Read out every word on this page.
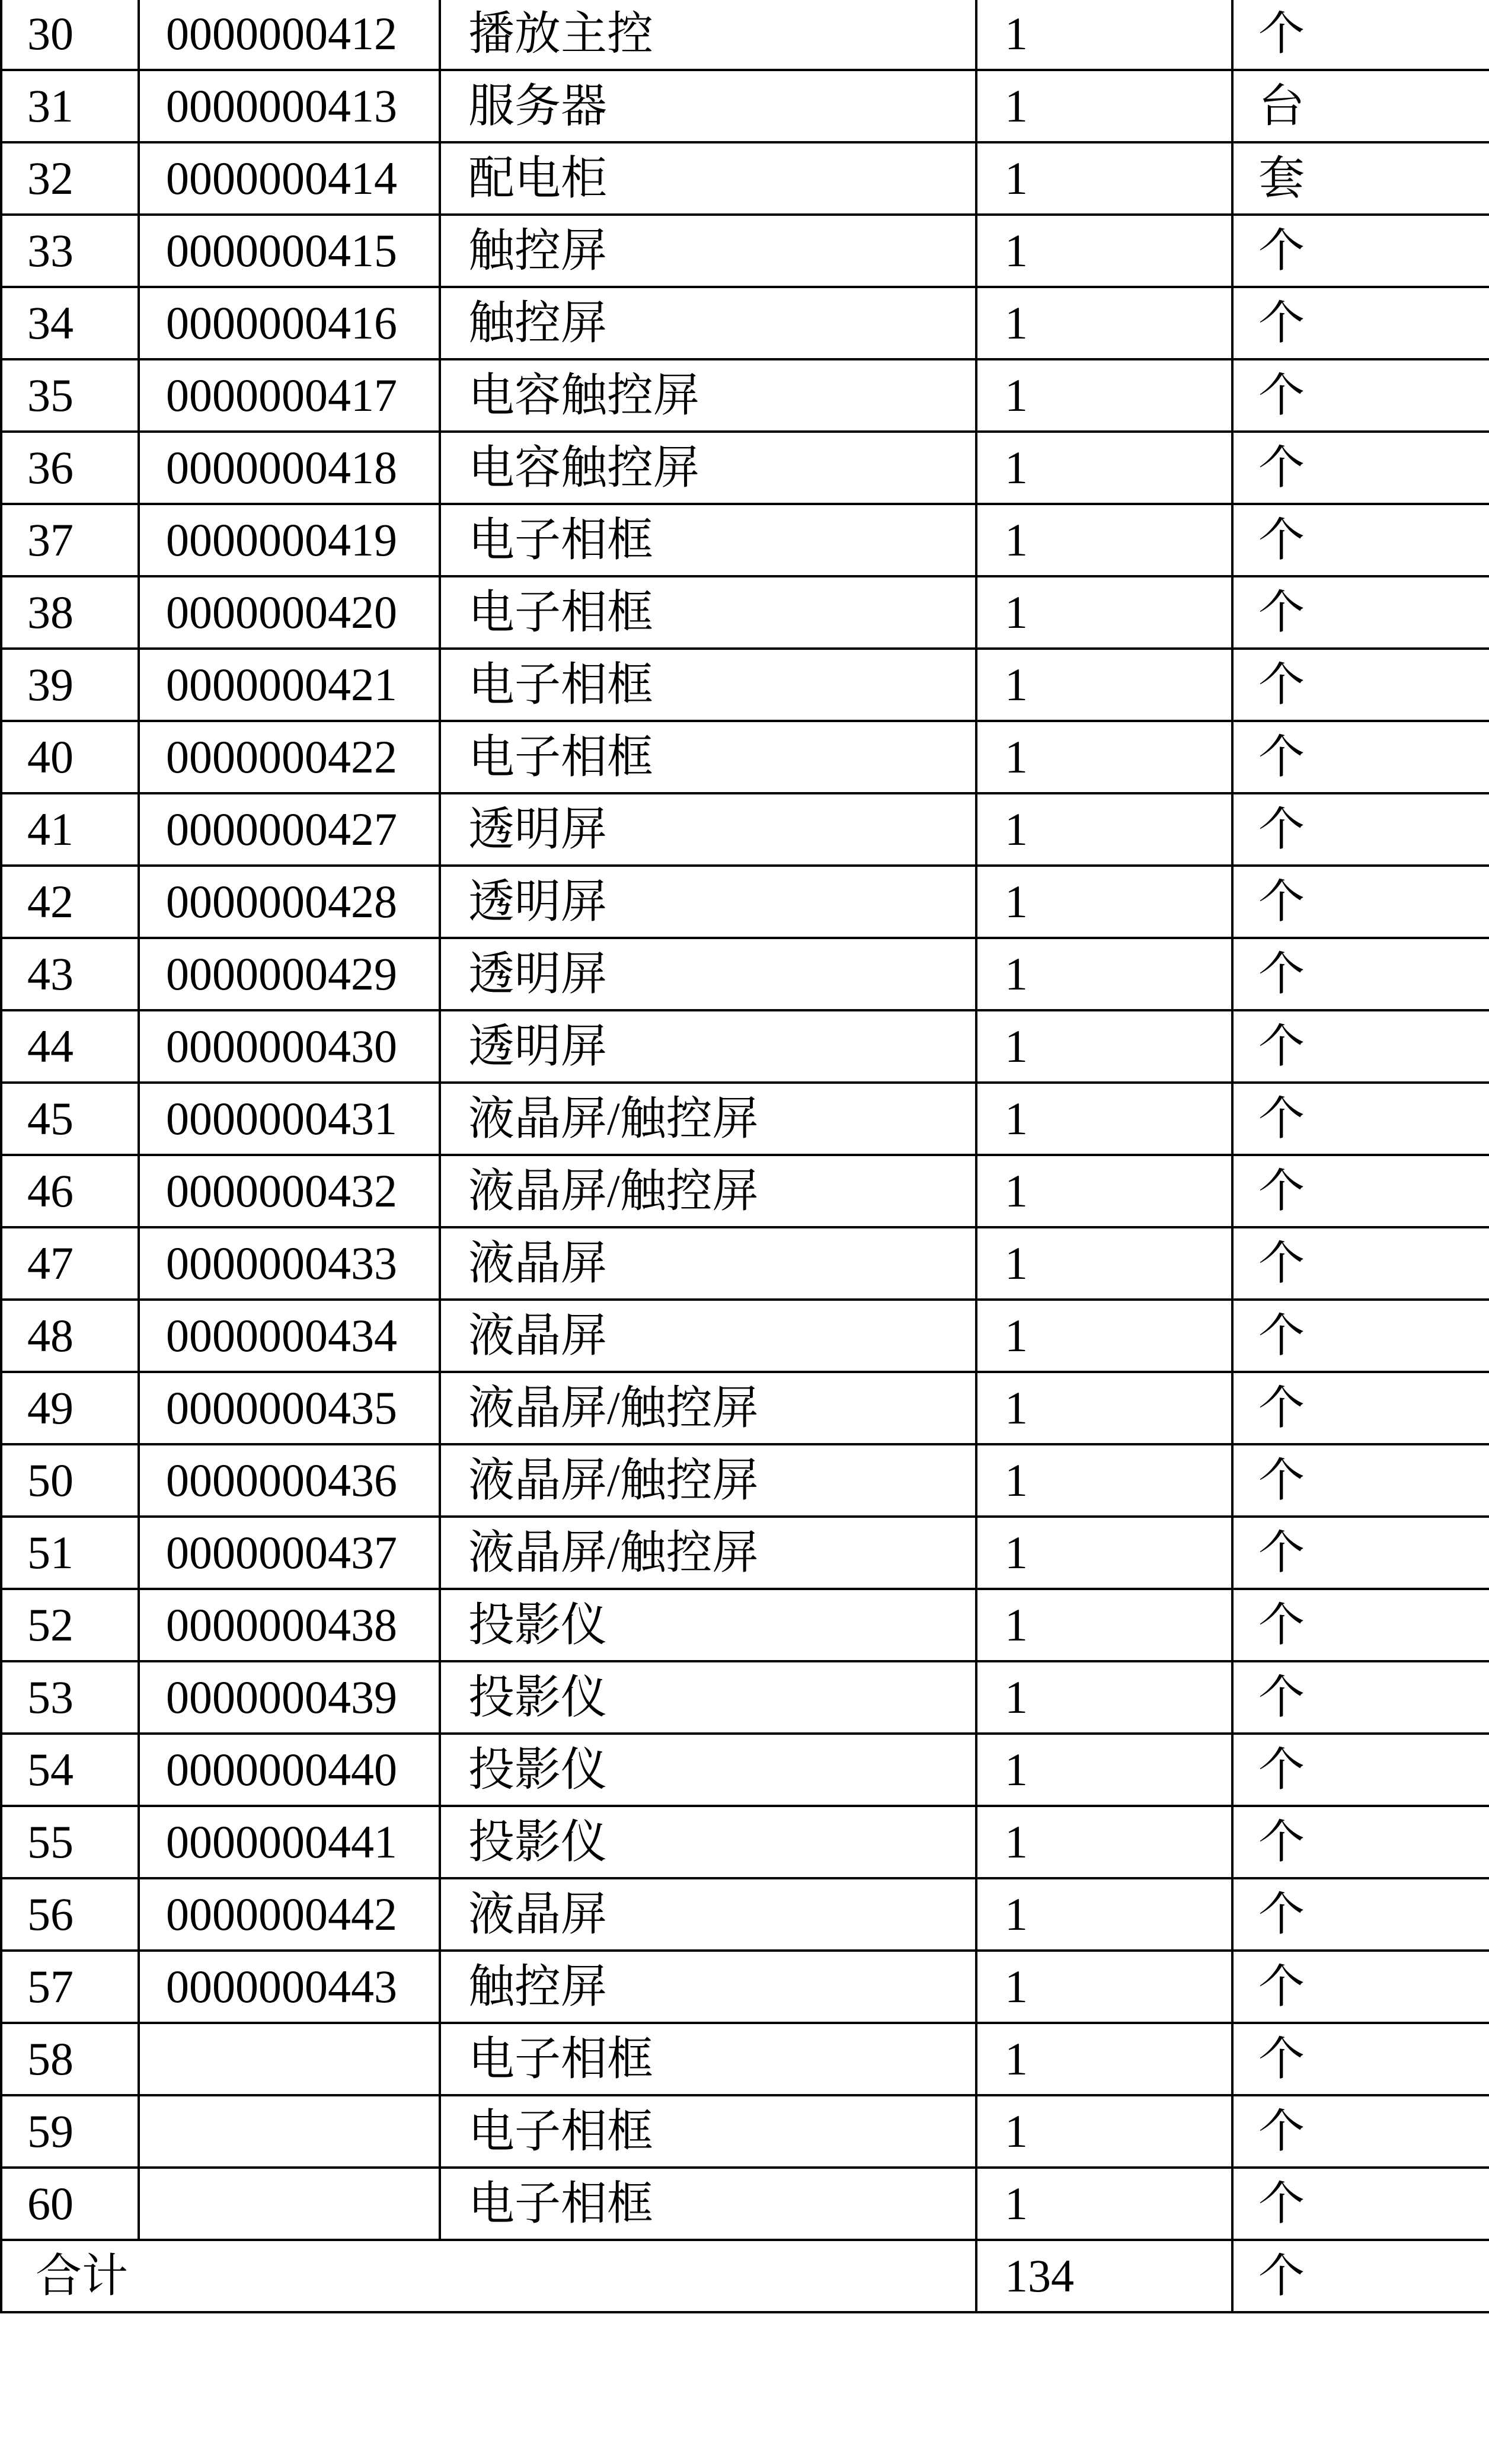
30	0000000412	播放主控	1	个
31	0000000413	服务器	1	台
32	0000000414	配电柜	1	套
33	0000000415	触控屏	1	个
34	0000000416	触控屏	1	个
35	0000000417	电容触控屏	1	个
36	0000000418	电容触控屏	1	个
37	0000000419	电子相框	1	个
38	0000000420	电子相框	1	个
39	0000000421	电子相框	1	个
40	0000000422	电子相框	1	个
41	0000000427	透明屏	1	个
42	0000000428	透明屏	1	个
43	0000000429	透明屏	1	个
44	0000000430	透明屏	1	个
45	0000000431	液晶屏/触控屏	1	个
46	0000000432	液晶屏/触控屏	1	个
47	0000000433	液晶屏	1	个
48	0000000434	液晶屏	1	个
49	0000000435	液晶屏/触控屏	1	个
50	0000000436	液晶屏/触控屏	1	个
51	0000000437	液晶屏/触控屏	1	个
52	0000000438	投影仪	1	个
53	0000000439	投影仪	1	个
54	0000000440	投影仪	1	个
55	0000000441	投影仪	1	个
56	0000000442	液晶屏	1	个
57	0000000443	触控屏	1	个
58		电子相框	1	个
59		电子相框	1	个
60		电子相框	1	个
合计			134	个
